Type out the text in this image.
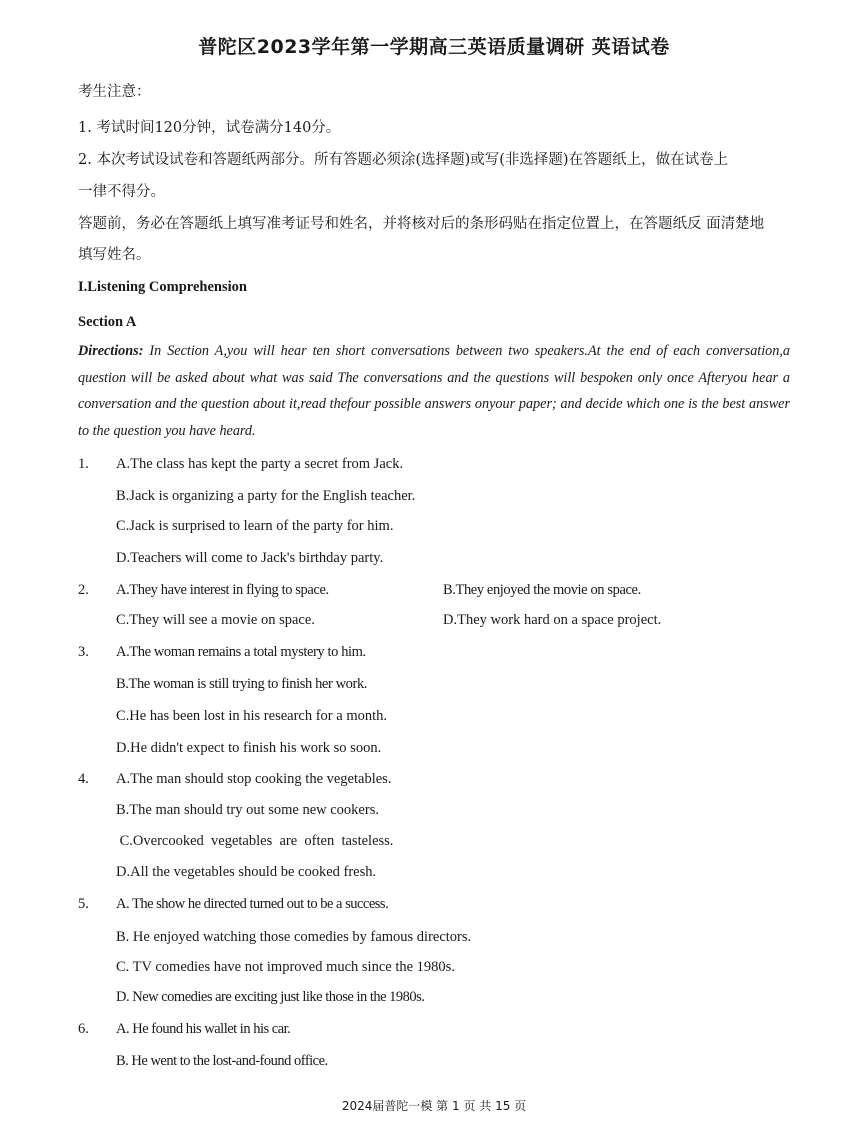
普陀区2023学年第一学期高三英语质量调研 英语试卷
考生注意：
1. 考试时间120分钟，试卷满分140分。
2. 本次考试设试卷和答题纸两部分。所有答题必须涂(选择题)或写(非选择题)在答题纸上，做在试卷上
一律不得分。
答题前，务必在答题纸上填写准考证号和姓名，并将核对后的条形码贴在指定位置上，在答题纸反 面清楚地
填写姓名。
I.Listening Comprehension
Section A
Directions: In Section A,you will hear ten short conversations between two speakers.At the end of each conversation,a question will be asked about what was said The conversations and the questions will bespoken only once Afteryou hear a conversation and the question about it,read thefour possible answers onyour paper; and decide which one is the best answer to the question you have heard.
1. A.The class has kept the party a secret from Jack.
B.Jack is organizing a party for the English teacher.
C.Jack is surprised to learn of the party for him.
D.Teachers will come to Jack's birthday party.
2. A.They have interest in flying to space.	B.They enjoyed the movie on space.
C.They will see a movie on space.	D.They work hard on a space project.
3. A.The woman remains a total mystery to him.
B.The woman is still trying to finish her work.
C.He has been lost in his research for a month.
D.He didn't expect to finish his work so soon.
4. A.The man should stop cooking the vegetables.
B.The man should try out some new cookers.
C.Overcooked  vegetables  are  often  tasteless.
D.All the vegetables should be cooked fresh.
5. A. The show he directed turned out to be a success.
B. He enjoyed watching those comedies by famous directors.
C. TV comedies have not improved much since the 1980s.
D. New comedies are exciting just like those in the 1980s.
6. A. He found his wallet in his car.
B. He went to the lost-and-found office.
2024届普陀一模 第 1 页 共 15 页
